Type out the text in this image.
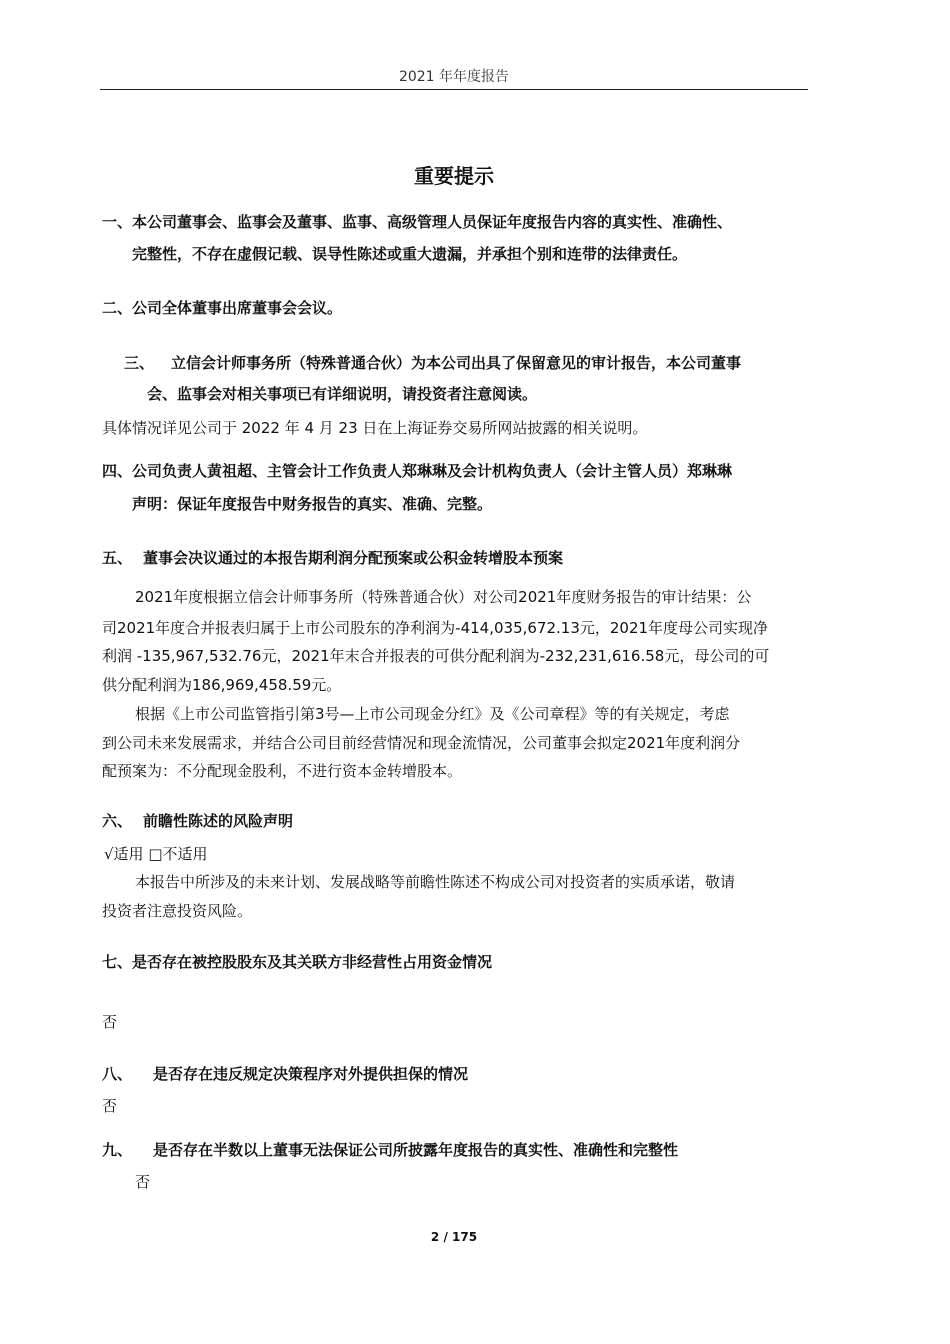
2021 年年度报告
重要提示
一、本公司董事会、监事会及董事、监事、高级管理人员保证年度报告内容的真实性、准确性、
完整性，不存在虚假记载、误导性陈述或重大遗漏，并承担个别和连带的法律责任。
二、公司全体董事出席董事会会议。
三、 立信会计师事务所（特殊普通合伙）为本公司出具了保留意见的审计报告，本公司董事
会、监事会对相关事项已有详细说明，请投资者注意阅读。
具体情况详见公司于 2022 年 4 月 23 日在上海证券交易所网站披露的相关说明。
四、公司负责人黄祖超、主管会计工作负责人郑琳琳及会计机构负责人（会计主管人员）郑琳琳
声明：保证年度报告中财务报告的真实、准确、完整。
五、 董事会决议通过的本报告期利润分配预案或公积金转增股本预案
2021年度根据立信会计师事务所（特殊普通合伙）对公司2021年度财务报告的审计结果：公
司2021年度合并报表归属于上市公司股东的净利润为-414,035,672.13元，2021年度母公司实现净
利润 -135,967,532.76元，2021年末合并报表的可供分配利润为-232,231,616.58元，母公司的可
供分配利润为186,969,458.59元。
根据《上市公司监管指引第3号—上市公司现金分红》及《公司章程》等的有关规定，考虑
到公司未来发展需求，并结合公司目前经营情况和现金流情况，公司董事会拟定2021年度利润分
配预案为：不分配现金股利，不进行资本金转增股本。
六、 前瞻性陈述的风险声明
√适用 □不适用
本报告中所涉及的未来计划、发展战略等前瞻性陈述不构成公司对投资者的实质承诺，敬请
投资者注意投资风险。
七、是否存在被控股股东及其关联方非经营性占用资金情况
否
八、 是否存在违反规定决策程序对外提供担保的情况
否
九、 是否存在半数以上董事无法保证公司所披露年度报告的真实性、准确性和完整性
否
2 / 175
